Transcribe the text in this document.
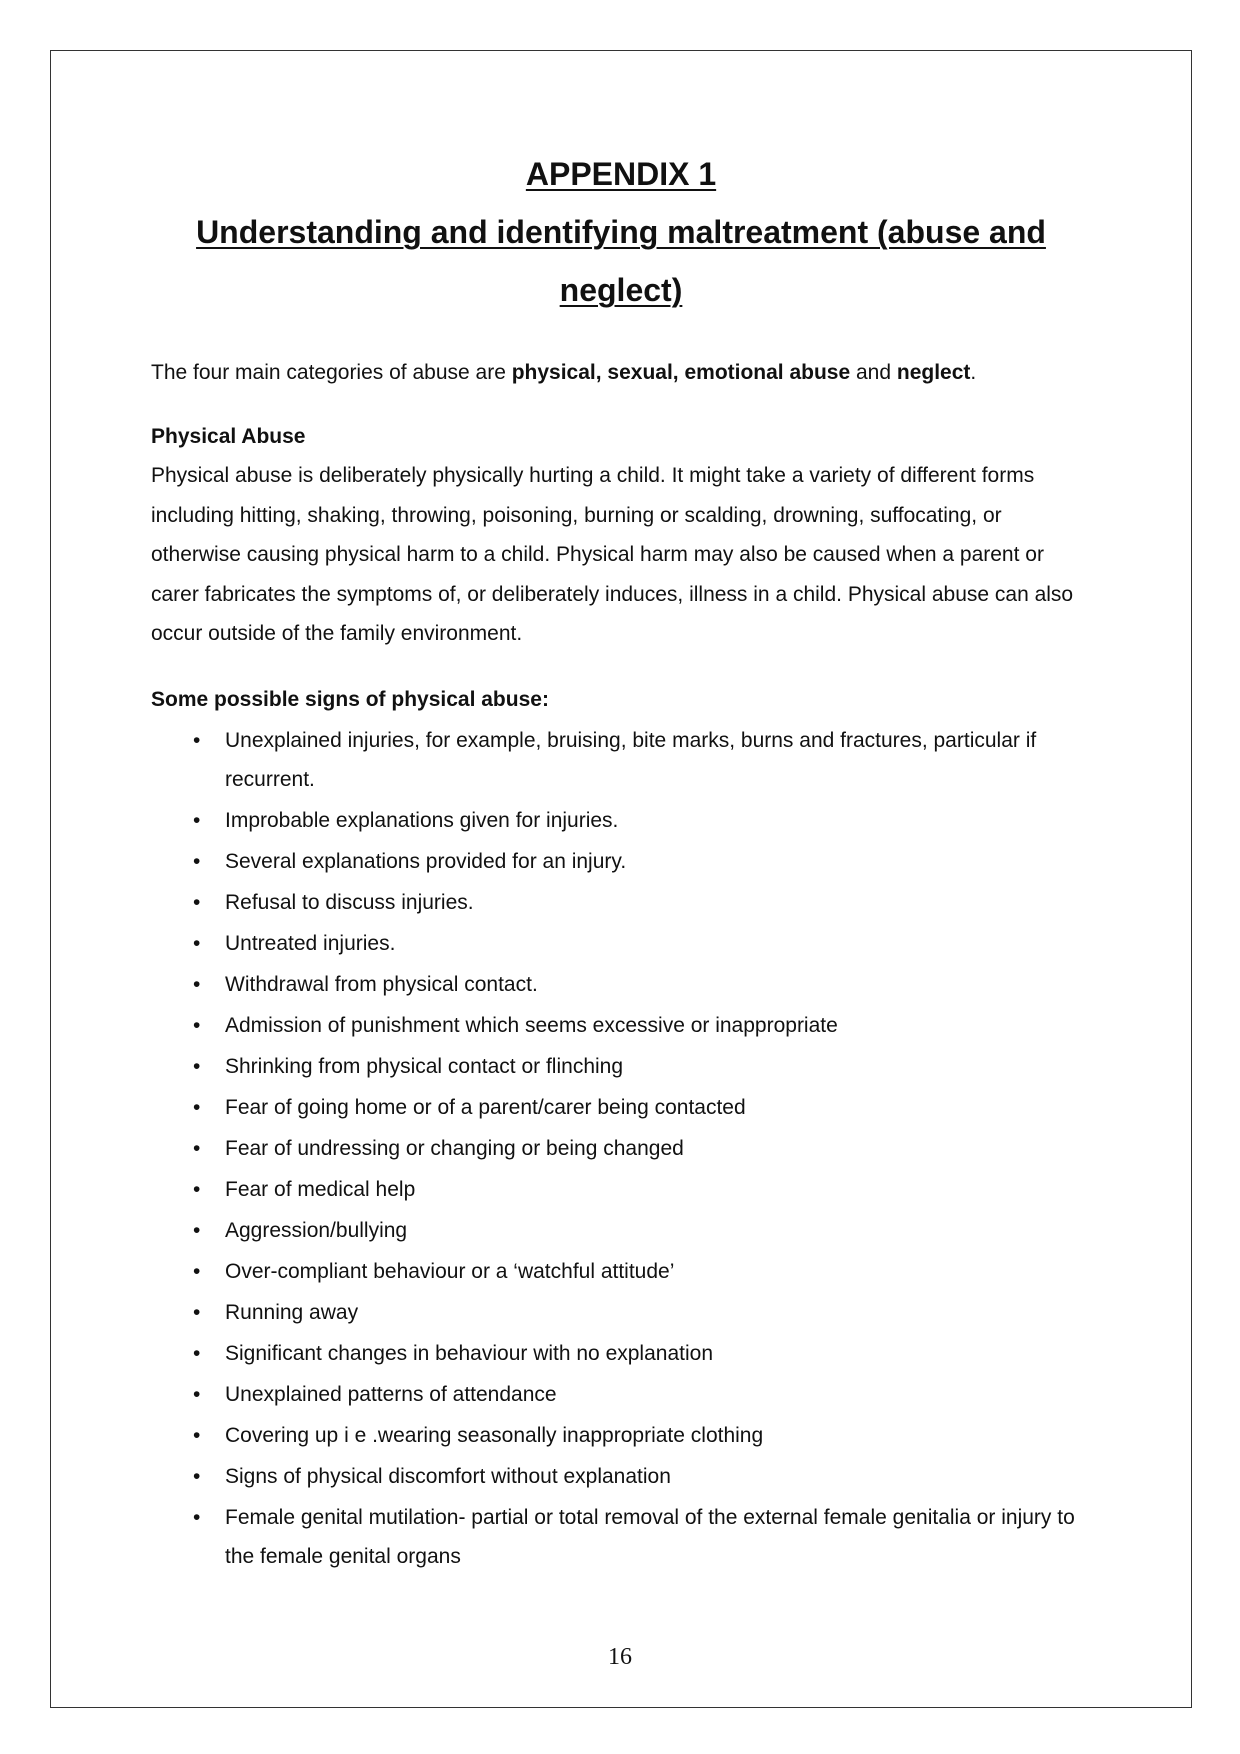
APPENDIX 1

Understanding and identifying maltreatment (abuse and neglect)

The four main categories of abuse are physical, sexual, emotional abuse and neglect.

Physical Abuse

Physical abuse is deliberately physically hurting a child. It might take a variety of different forms including hitting, shaking, throwing, poisoning, burning or scalding, drowning, suffocating, or otherwise causing physical harm to a child. Physical harm may also be caused when a parent or carer fabricates the symptoms of, or deliberately induces, illness in a child. Physical abuse can also occur outside of the family environment.

Some possible signs of physical abuse:

• Unexplained injuries, for example, bruising, bite marks, burns and fractures, particular if recurrent.
• Improbable explanations given for injuries.
• Several explanations provided for an injury.
• Refusal to discuss injuries.
• Untreated injuries.
• Withdrawal from physical contact.
• Admission of punishment which seems excessive or inappropriate
• Shrinking from physical contact or flinching
• Fear of going home or of a parent/carer being contacted
• Fear of undressing or changing or being changed
• Fear of medical help
• Aggression/bullying
• Over-compliant behaviour or a ‘watchful attitude’
• Running away
• Significant changes in behaviour with no explanation
• Unexplained patterns of attendance
• Covering up i e .wearing seasonally inappropriate clothing
• Signs of physical discomfort without explanation
• Female genital mutilation- partial or total removal of the external female genitalia or injury to the female genital organs
16
